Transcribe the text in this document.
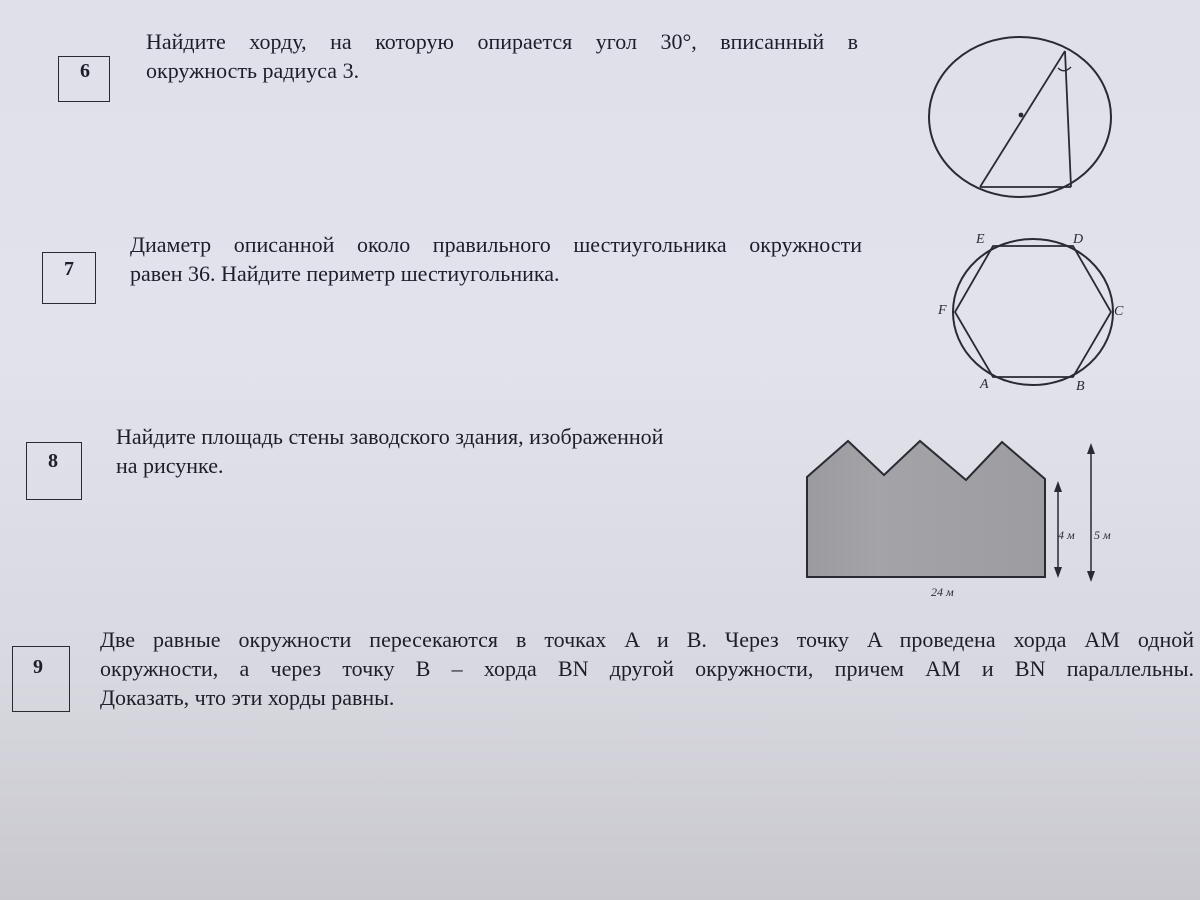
6
Найдите хорду, на которую опирается угол 30°, вписанный в
окружность радиуса 3.
7
Диаметр описанной около правильного шестиугольника окружности
равен 36. Найдите периметр шестиугольника.
E	D
F	C
A	B
8
Найдите площадь стены заводского здания, изображенной
на рисунке.
4 м 5 м
24 м
9
Две равные окружности пересекаются в точках A и B. Через точку A проведена хорда AM одной
окружности, а через точку B – хорда BN другой окружности, причем AM и BN параллельны.
Доказать, что эти хорды равны.
